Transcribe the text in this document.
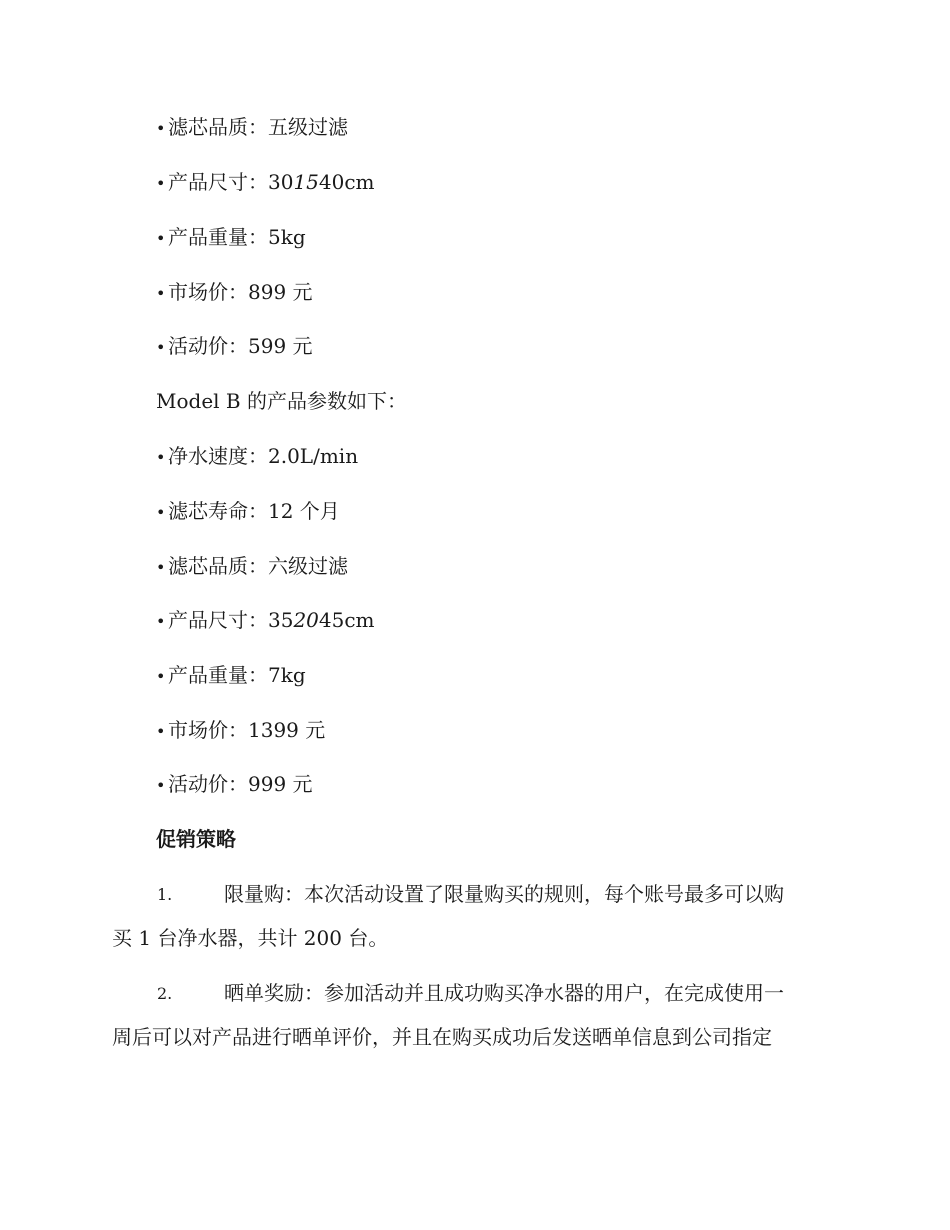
• 滤芯品质：五级过滤
• 产品尺寸：301540cm
• 产品重量：5kg
• 市场价：899 元
• 活动价：599 元
Model B 的产品参数如下：
• 净水速度：2.0L/min
• 滤芯寿命：12 个月
• 滤芯品质：六级过滤
• 产品尺寸：352045cm
• 产品重量：7kg
• 市场价：1399 元
• 活动价：999 元
促销策略
1.	限量购：本次活动设置了限量购买的规则，每个账号最多可以购
买 1 台净水器，共计 200 台。
2.	晒单奖励：参加活动并且成功购买净水器的用户，在完成使用一
周后可以对产品进行晒单评价，并且在购买成功后发送晒单信息到公司指定
